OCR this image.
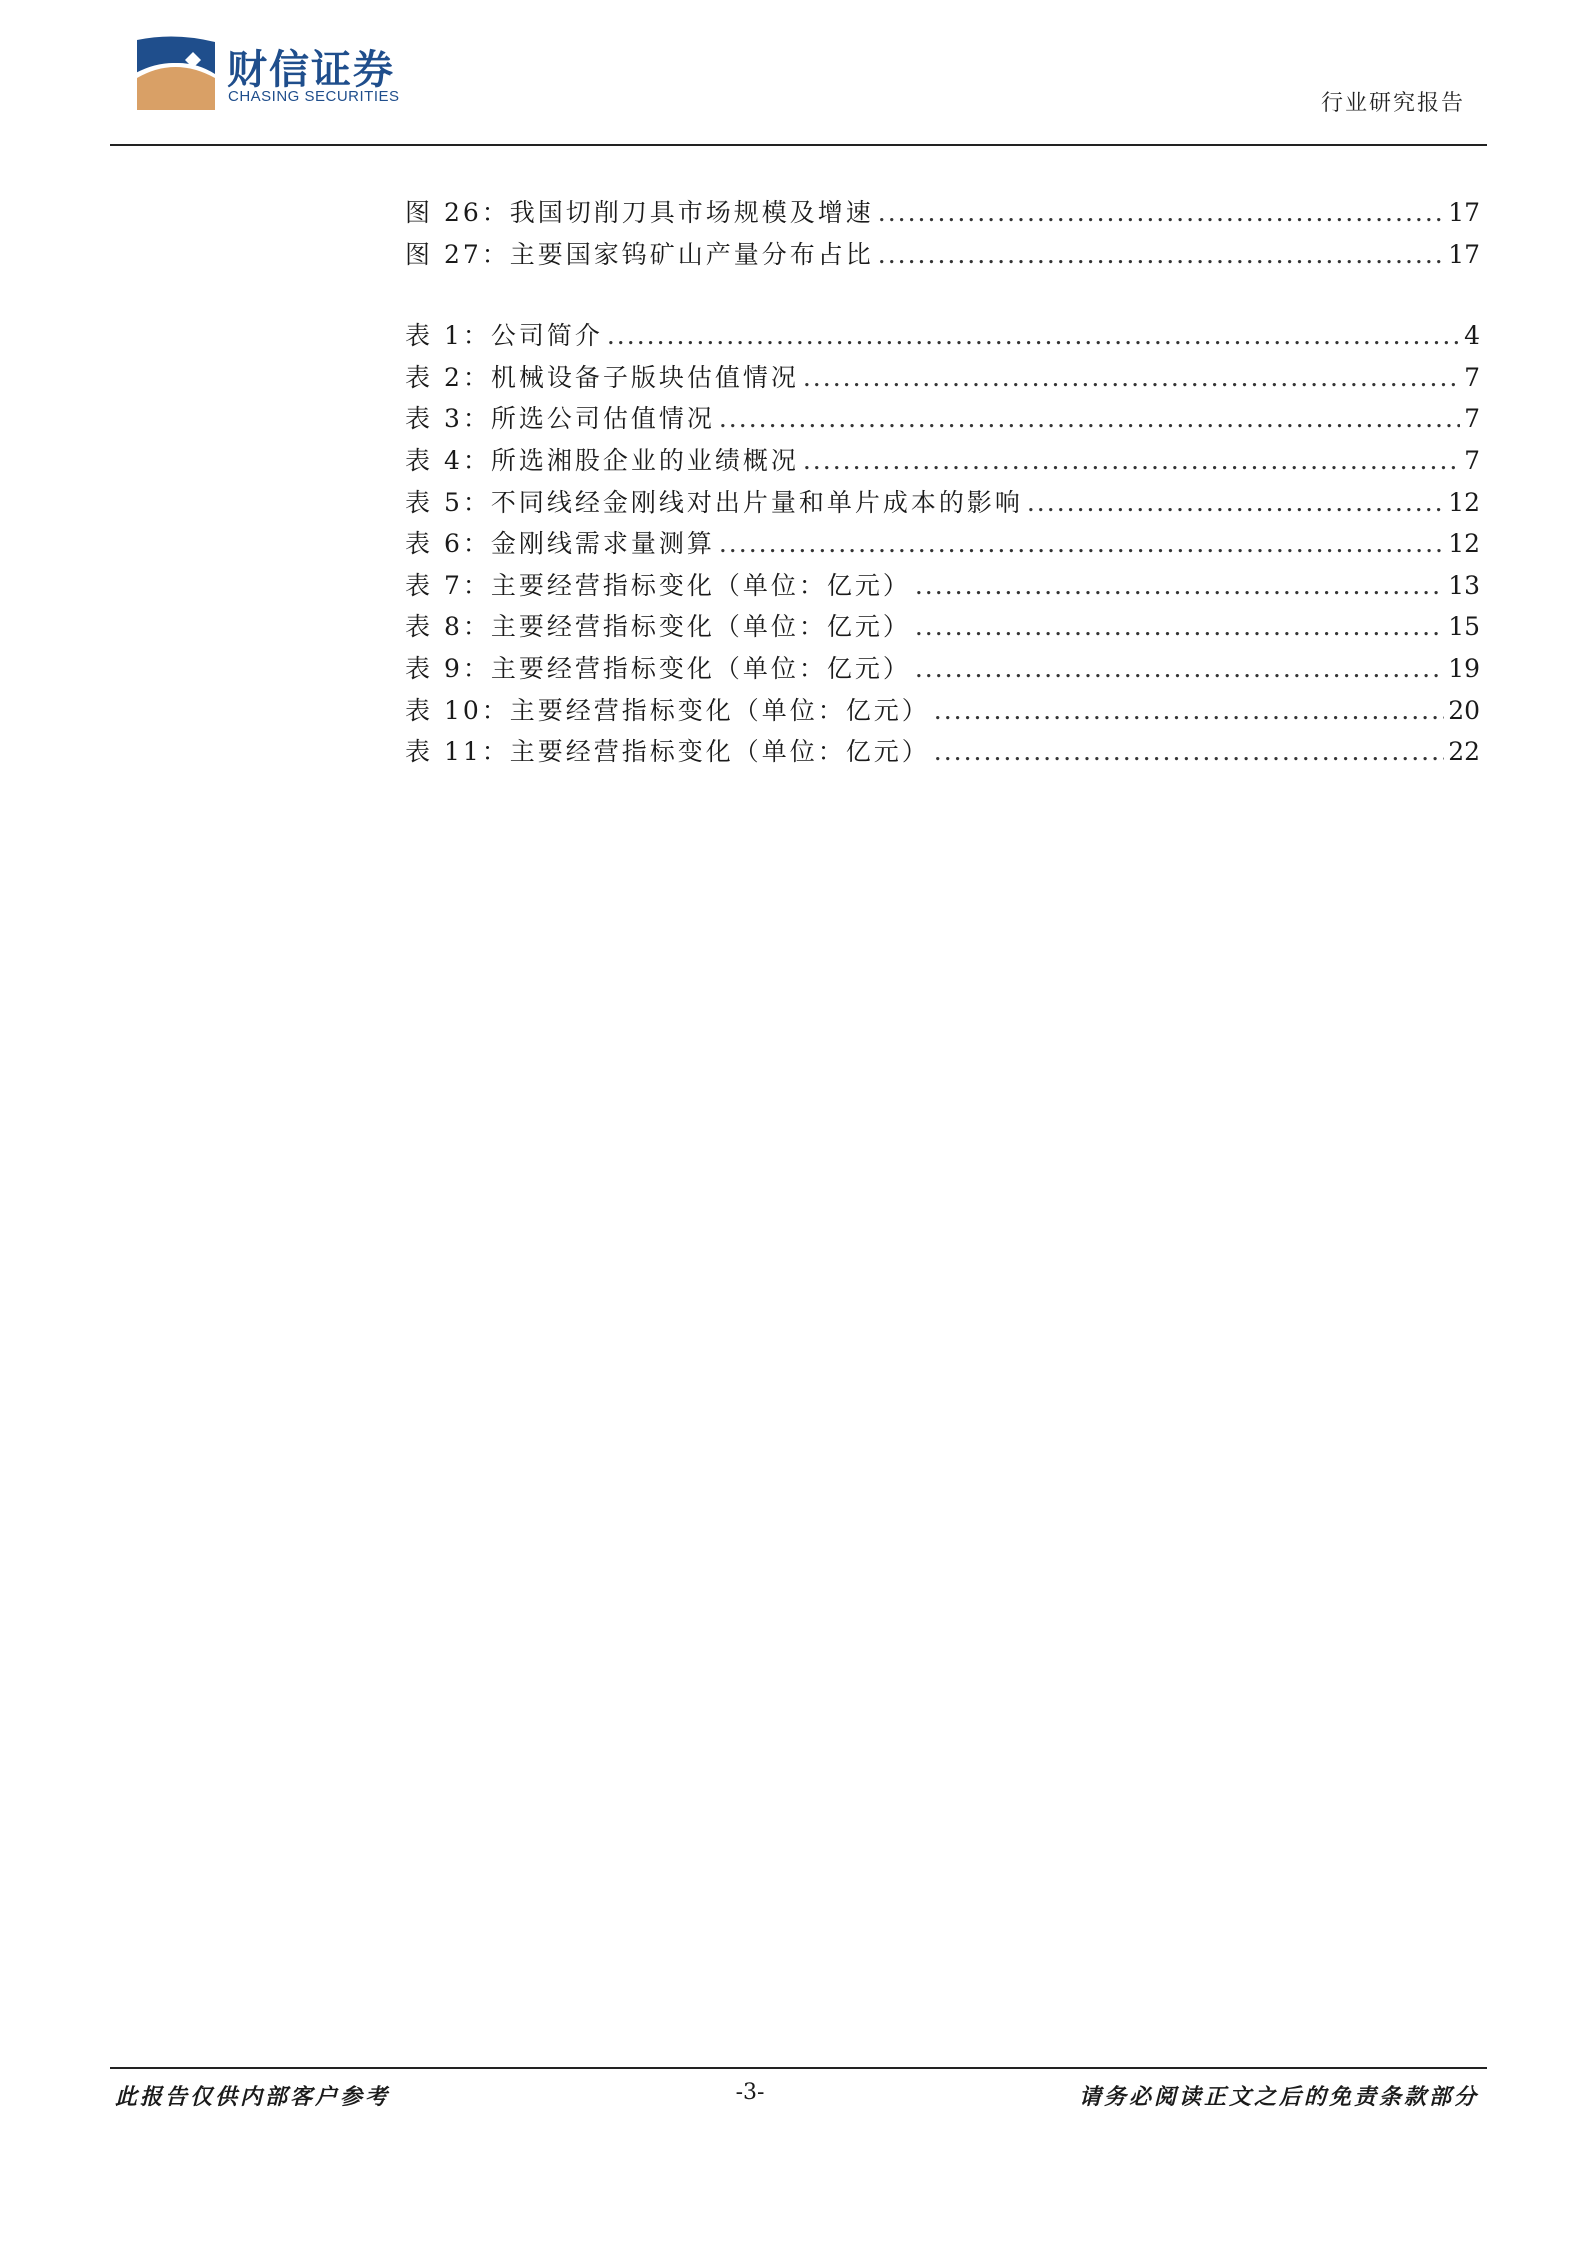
财信证券
CHASING SECURITIES	行业研究报告
图 26：我国切削刀具市场规模及增速 .....	17
图 27：主要国家钨矿山产量分布占比 .....	17
表 1：公司简介 .....	4
表 2：机械设备子版块估值情况 .....	7
表 3：所选公司估值情况 .....	7
表 4：所选湘股企业的业绩概况 .....	7
表 5：不同线经金刚线对出片量和单片成本的影响 .....	12
表 6：金刚线需求量测算 .....	12
表 7：主要经营指标变化（单位：亿元） .....	13
表 8：主要经营指标变化（单位：亿元） .....	15
表 9：主要经营指标变化（单位：亿元） .....	19
表 10：主要经营指标变化（单位：亿元） .....	20
表 11：主要经营指标变化（单位：亿元） .....	22
此报告仅供内部客户参考	-3-	请务必阅读正文之后的免责条款部分
